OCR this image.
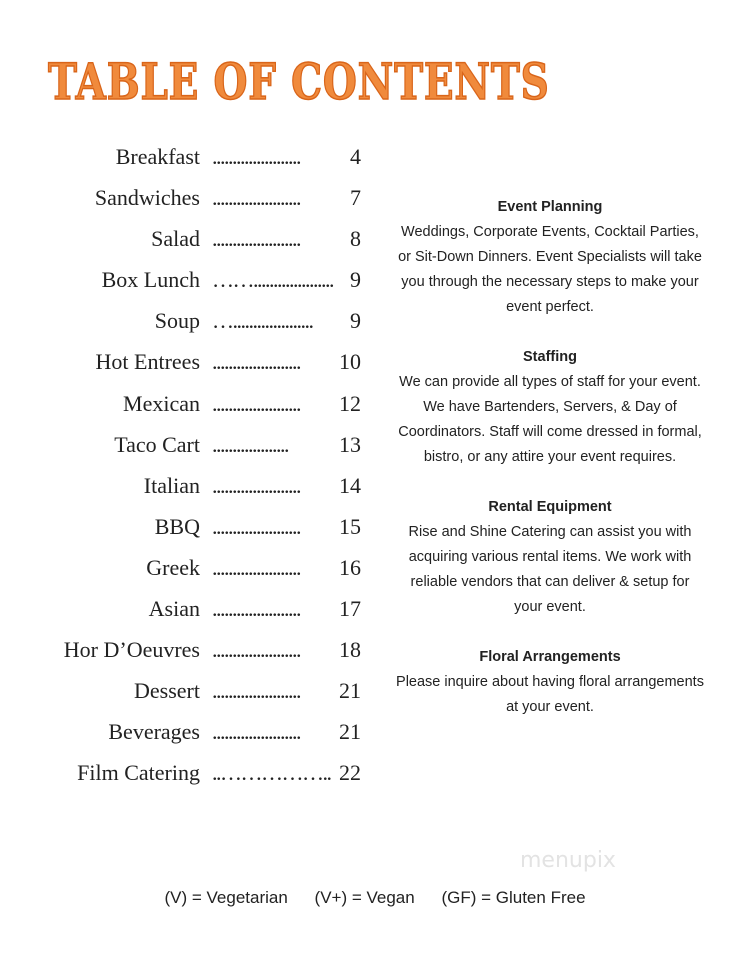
TABLE OF CONTENTS
Breakfast ...................... 4
Sandwiches ...................... 7
Salad ...................... 8
Box Lunch …….................... 9
Soup ….................... 9
Hot Entrees ...................... 10
Mexican ...................... 12
Taco Cart ................... 13
Italian ...................... 14
BBQ ...................... 15
Greek ...................... 16
Asian ...................... 17
Hor D’Oeuvres ...................... 18
Dessert ...................... 21
Beverages ...................... 21
Film Catering ..…………….. 22
Event Planning

Weddings, Corporate Events, Cocktail Parties, or Sit-Down Dinners. Event Specialists will take you through the necessary steps to make your event perfect.

Staffing

We can provide all types of staff for your event. We have Bartenders, Servers, & Day of Coordinators. Staff will come dressed in formal, bistro, or any attire your event requires.

Rental Equipment

Rise and Shine Catering can assist you with acquiring various rental items. We work with reliable vendors that can deliver & setup for your event.

Floral Arrangements

Please inquire about having floral arrangements at your event.

menupix
(V) = Vegetarian (V+) = Vegan (GF) = Gluten Free
